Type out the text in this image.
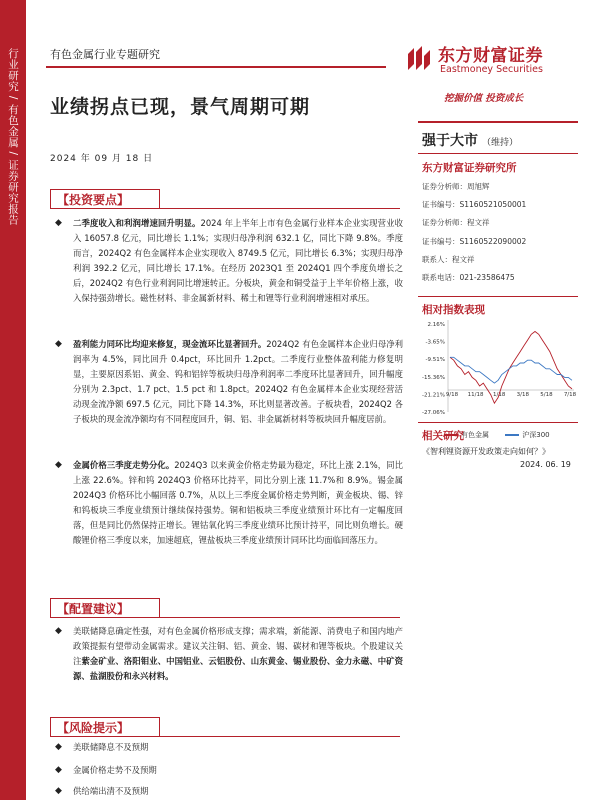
行业研究 / 有色金属 / 证券研究报告	有色金属行业专题研究
业绩拐点已现，景气周期可期
2024 年 09 月 18 日
东方财富证券
Eastmoney Securities
挖掘价值 投资成长
强于大市 （维持）
东方财富证券研究所
证券分析师：周旭辉
证书编号：S1160521050001
证券分析师：程文祥
证书编号：S1160522090002
联系人：程文祥
联系电话：021-23586475
相对指数表现
2.16%
-3.65%
-9.51%
-15.36%
-21.21%
-27.06%
9/18 11/18 1/18 3/18 5/18 7/18
有色金属	沪深300
相关研究
《智利锂资源开发政策走向如何？》
2024. 06. 19
【投资要点】
◆ 二季度收入和利润增速回升明显。2024 年上半年上市有色金属行业样本企业实现营业收入 16057.8 亿元，同比增长 1.1%；实现归母净利润 632.1 亿，同比下降 9.8%。季度而言，2024Q2 有色金属样本企业实现收入 8749.5 亿元，同比增长 6.3%；实现归母净利润 392.2 亿元，同比增长 17.1%。在经历 2023Q1 至 2024Q1 四个季度负增长之后，2024Q2 有色行业利润同比增速转正。分板块，黄金和铜受益于上半年价格上涨，收入保持强劲增长。磁性材料、非金属新材料、稀土和锂等行业利润增速相对承压。
◆ 盈利能力同环比均迎来修复，现金流环比显著回升。2024Q2 有色金属样本企业归母净利润率为 4.5%，同比回升 0.4pct，环比回升 1.2pct。二季度行业整体盈利能力修复明显，主要原因系铝、黄金、钨和铝锌等板块归母净利润率二季度环比显著回升，回升幅度分别为 2.3pct、1.7 pct、1.5 pct 和 1.8pct。2024Q2 有色金属样本企业实现经营活动现金流净额 697.5 亿元，同比下降 14.3%，环比则显著改善。子板块看，2024Q2 各子板块的现金流净额均有不同程度回升，铜、铝、非金属新材料等板块回升幅度居前。
◆ 金属价格三季度走势分化。2024Q3 以来黄金价格走势最为稳定，环比上涨 2.1%，同比上涨 22.6%。锌和钨 2024Q3 价格环比持平，同比分别上涨 11.7%和 8.9%。锡金属 2024Q3 价格环比小幅回落 0.7%，从以上三季度金属价格走势判断，黄金板块、锡、锌和钨板块三季度业绩预计继续保持强势。铜和铝板块三季度业绩预计环比有一定幅度回落，但是同比仍然保持正增长。锂钴氧化钨三季度业绩环比预计持平，同比则负增长。硬酸锂价格三季度以来，加速超底，锂盐板块三季度业绩预计同环比均面临回落压力。
【配置建议】
◆ 美联储降息确定性强，对有色金属价格形成支撑；需求端，新能源、消费电子和国内地产政策提振有望带动金属需求。建议关注铜、铝、黄金、锡、碳材和锂等板块。个股建议关注紫金矿业、洛阳钼业、中国铝业、云铝股份、山东黄金、锡业股份、金力永磁、中矿资源、盐湖股份和永兴材料。
【风险提示】
◆ 美联储降息不及预期
◆ 金属价格走势不及预期
◆ 供给端出清不及预期
